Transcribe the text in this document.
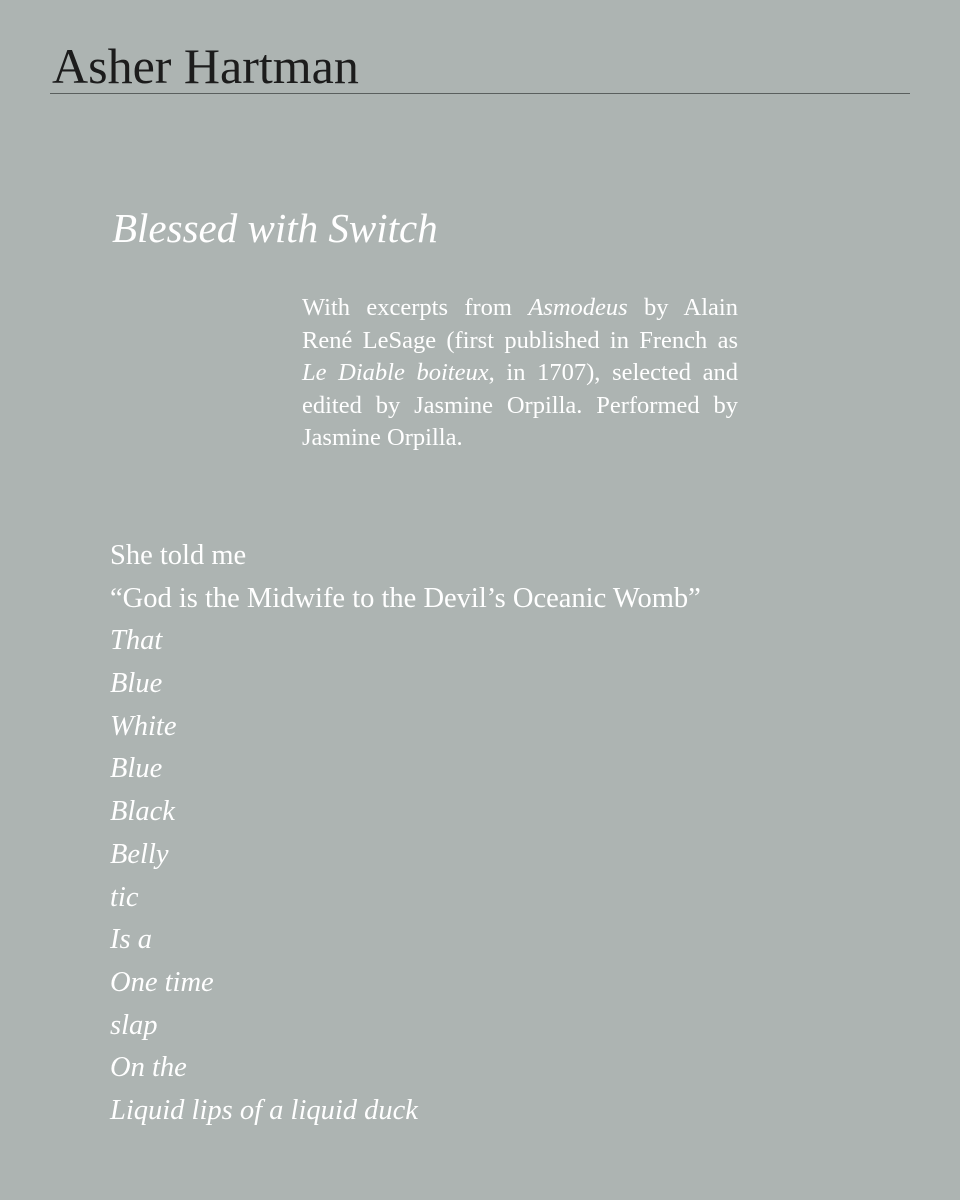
Asher Hartman
Blessed with Switch

With excerpts from Asmodeus by Alain René LeSage (first published in French as Le Diable boiteux, in 1707), selected and edited by Jasmine Orpilla. Performed by Jasmine Orpilla.

She told me
“God is the Midwife to the Devil’s Oceanic Womb”
That
Blue
White
Blue
Black
Belly
tic
Is a
One time
slap
On the
Liquid lips of a liquid duck
